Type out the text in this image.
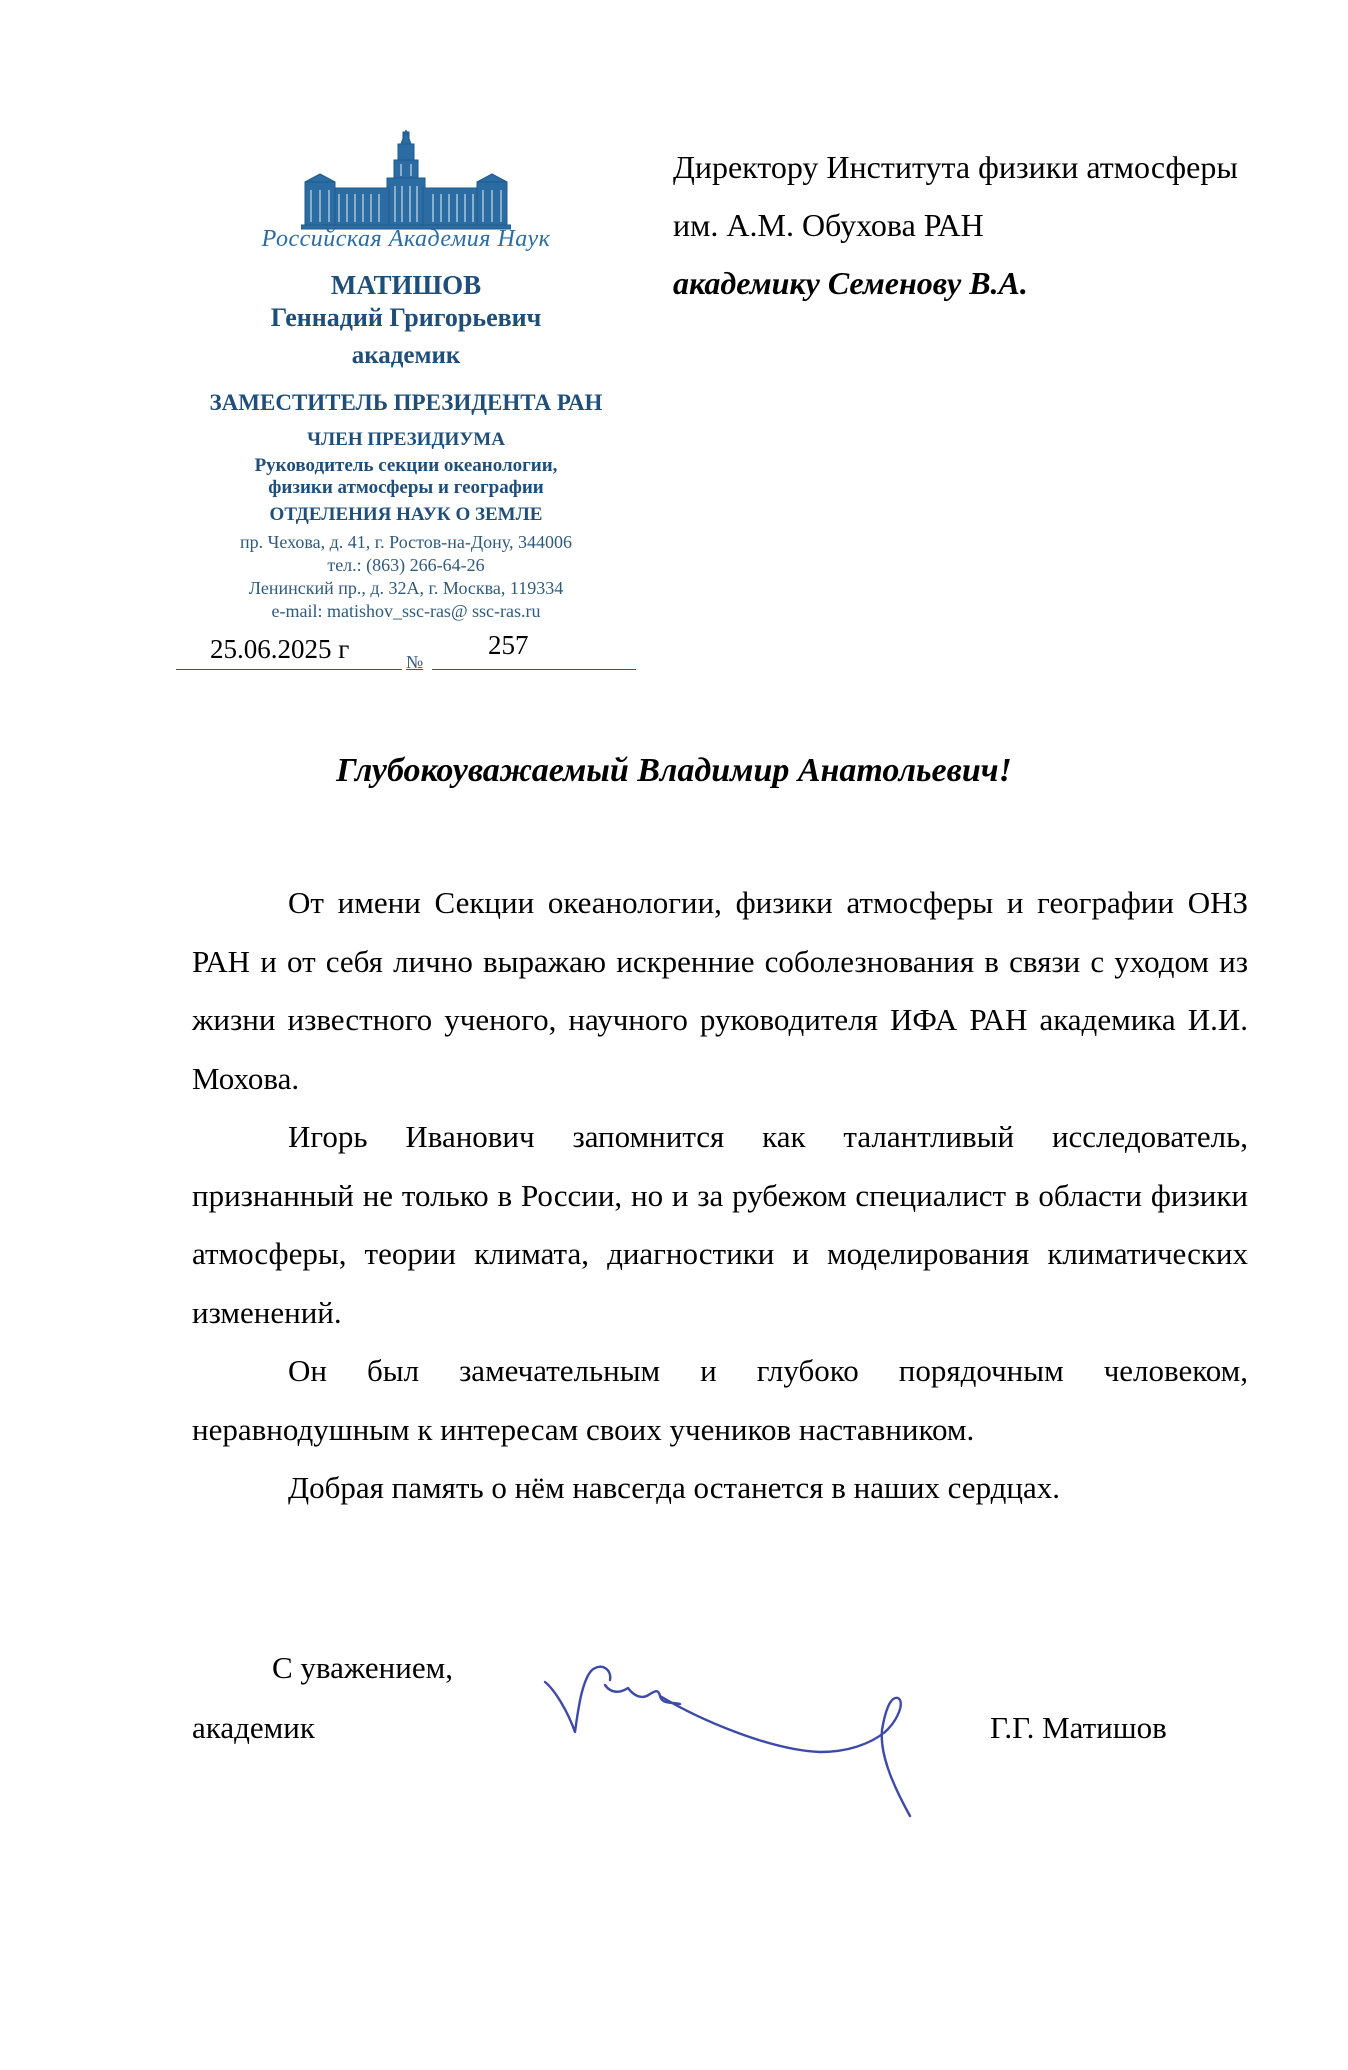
Российская Академия Наук
МАТИШОВ
Геннадий Григорьевич
академик
ЗАМЕСТИТЕЛЬ ПРЕЗИДЕНТА РАН
ЧЛЕН ПРЕЗИДИУМА
Руководитель секции океанологии,
физики атмосферы и географии
ОТДЕЛЕНИЯ НАУК О ЗЕМЛЕ
пр. Чехова, д. 41, г. Ростов-на-Дону, 344006
тел.: (863) 266-64-26
Ленинский пр., д. 32А, г. Москва, 119334
e-mail: matishov_ssc-ras@ ssc-ras.ru
25.06.2025 г	№
257
Директору Института физики атмосферы
им. А.М. Обухова РАН
академику Семенову В.А.
Глубокоуважаемый Владимир Анатольевич!

От имени Секции океанологии, физики атмосферы и географии ОНЗ РАН и от себя лично выражаю искренние соболезнования в связи с уходом из жизни известного ученого, научного руководителя ИФА РАН академика И.И. Мохова.

Игорь Иванович запомнится как талантливый исследователь, признанный не только в России, но и за рубежом специалист в области физики атмосферы, теории климата, диагностики и моделирования климатических изменений.

Он был замечательным и глубоко порядочным человеком, неравнодушным к интересам своих учеников наставником.

Добрая память о нём навсегда останется в наших сердцах.

С уважением,
академик	Г.Г. Матишов
